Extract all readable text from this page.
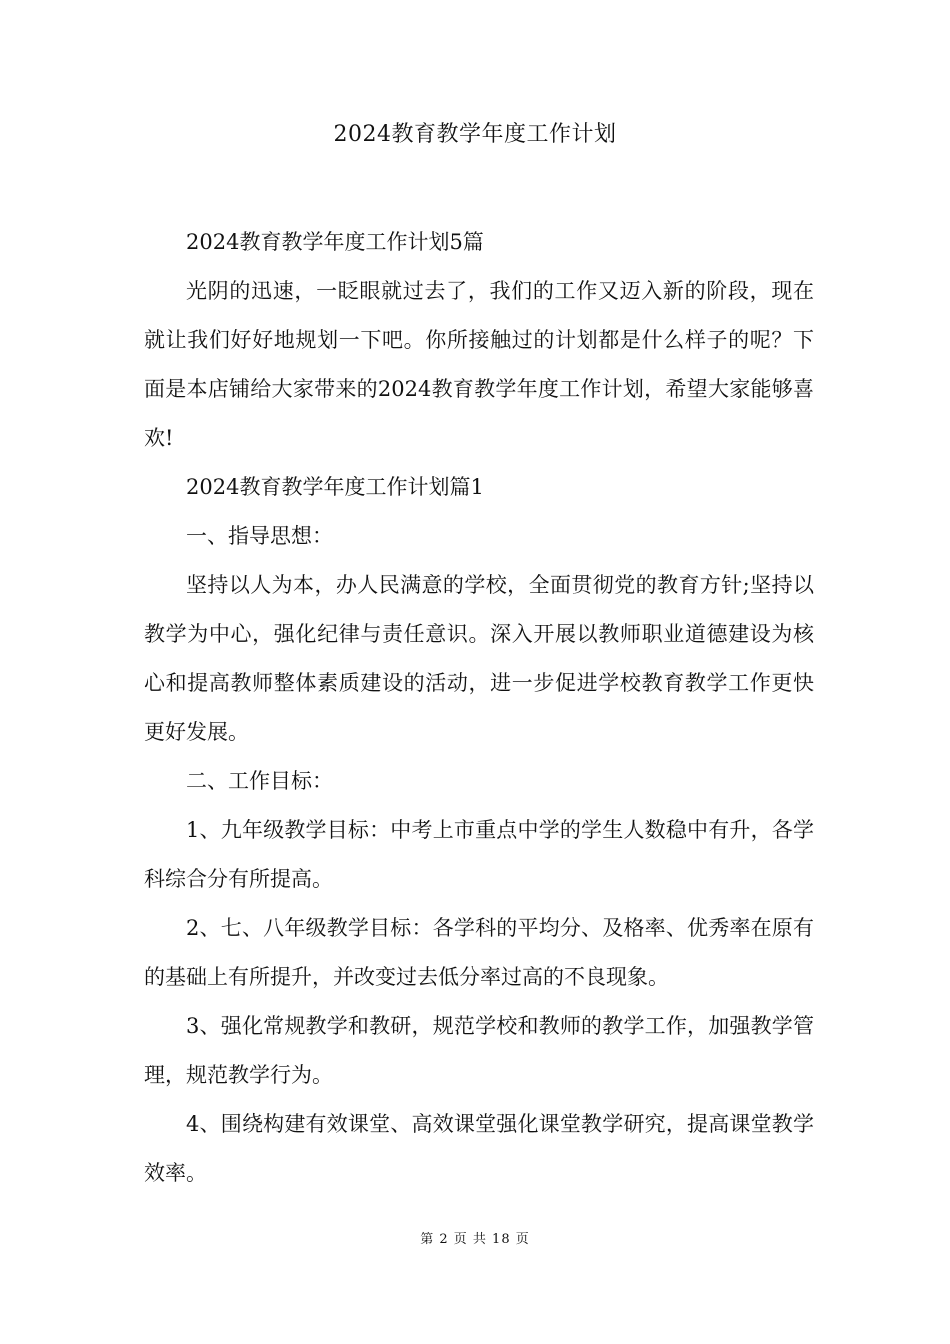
2024教育教学年度工作计划

2024教育教学年度工作计划5篇

光阴的迅速，一眨眼就过去了，我们的工作又迈入新的阶段，现在就让我们好好地规划一下吧。你所接触过的计划都是什么样子的呢？下面是本店铺给大家带来的2024教育教学年度工作计划，希望大家能够喜欢!

2024教育教学年度工作计划篇1

一、指导思想：

坚持以人为本，办人民满意的学校，全面贯彻党的教育方针;坚持以教学为中心，强化纪律与责任意识。深入开展以教师职业道德建设为核心和提高教师整体素质建设的活动，进一步促进学校教育教学工作更快更好发展。

二、工作目标：

1、九年级教学目标：中考上市重点中学的学生人数稳中有升，各学科综合分有所提高。

2、七、八年级教学目标：各学科的平均分、及格率、优秀率在原有的基础上有所提升，并改变过去低分率过高的不良现象。

3、强化常规教学和教研，规范学校和教师的教学工作，加强教学管理，规范教学行为。

4、围绕构建有效课堂、高效课堂强化课堂教学研究，提高课堂教学效率。

第 2 页 共 18 页
